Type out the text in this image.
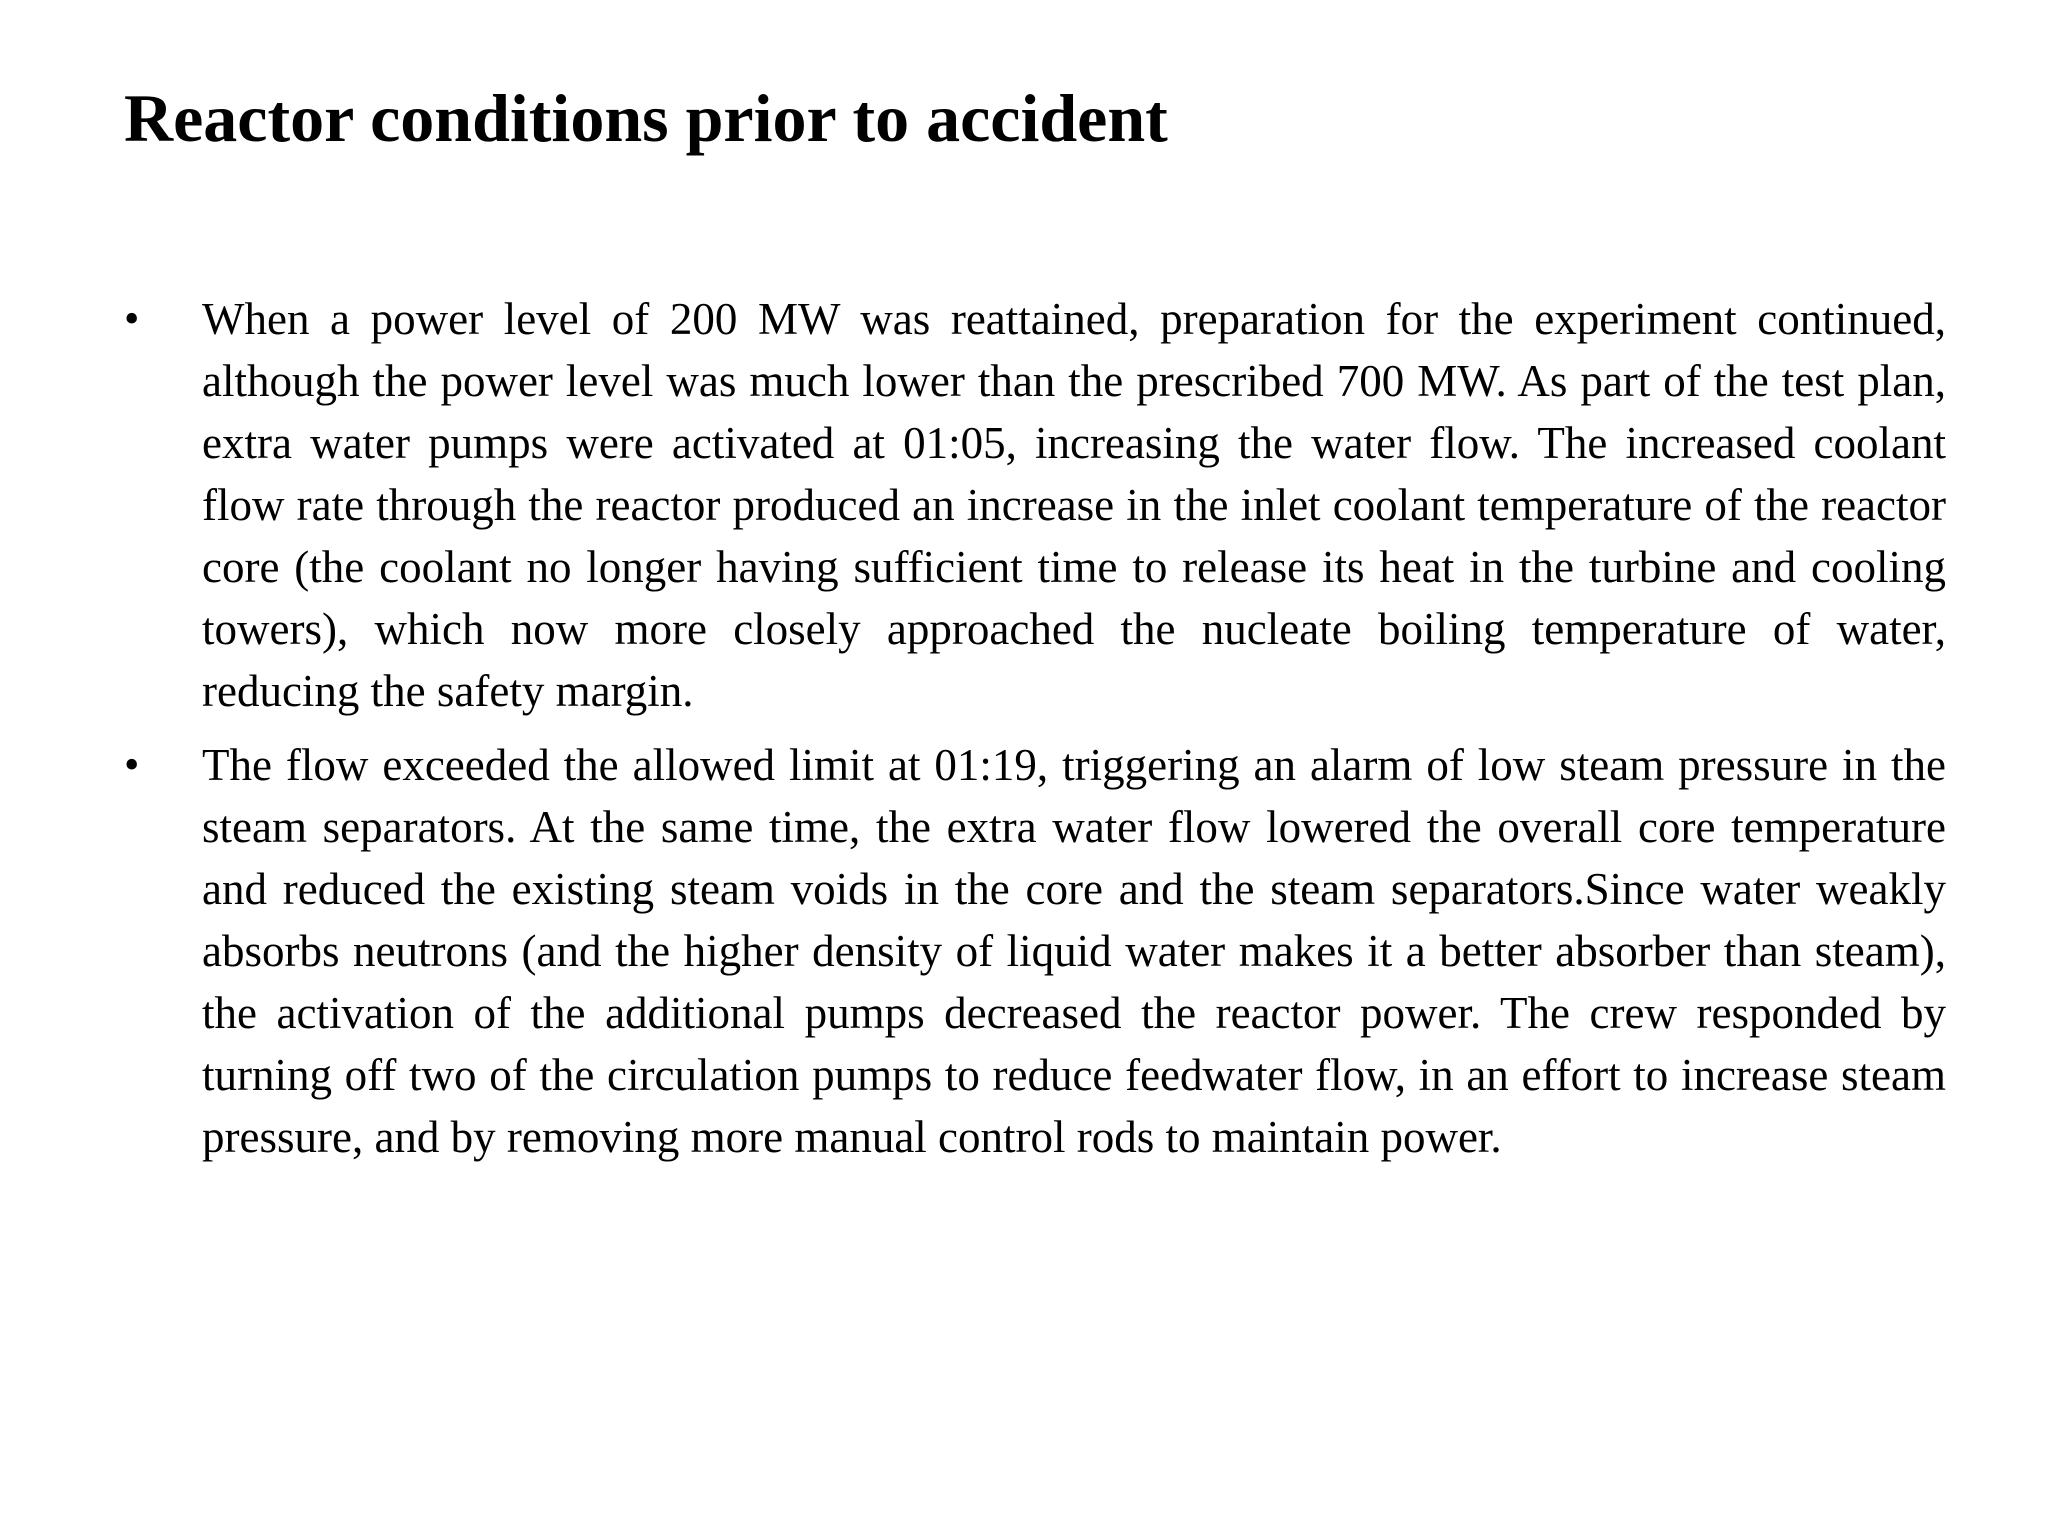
Reactor conditions prior to accident
• When a power level of 200 MW was reattained, preparation for the experiment continued, although the power level was much lower than the prescribed 700 MW. As part of the test plan, extra water pumps were activated at 01:05, increasing the water flow. The increased coolant flow rate through the reactor produced an increase in the inlet coolant temperature of the reactor core (the coolant no longer having sufficient time to release its heat in the turbine and cooling towers), which now more closely approached the nucleate boiling temperature of water, reducing the safety margin.
• The flow exceeded the allowed limit at 01:19, triggering an alarm of low steam pressure in the steam separators. At the same time, the extra water flow lowered the overall core temperature and reduced the existing steam voids in the core and the steam separators.Since water weakly absorbs neutrons (and the higher density of liquid water makes it a better absorber than steam), the activation of the additional pumps decreased the reactor power. The crew responded by turning off two of the circulation pumps to reduce feedwater flow, in an effort to increase steam pressure, and by removing more manual control rods to maintain power.
